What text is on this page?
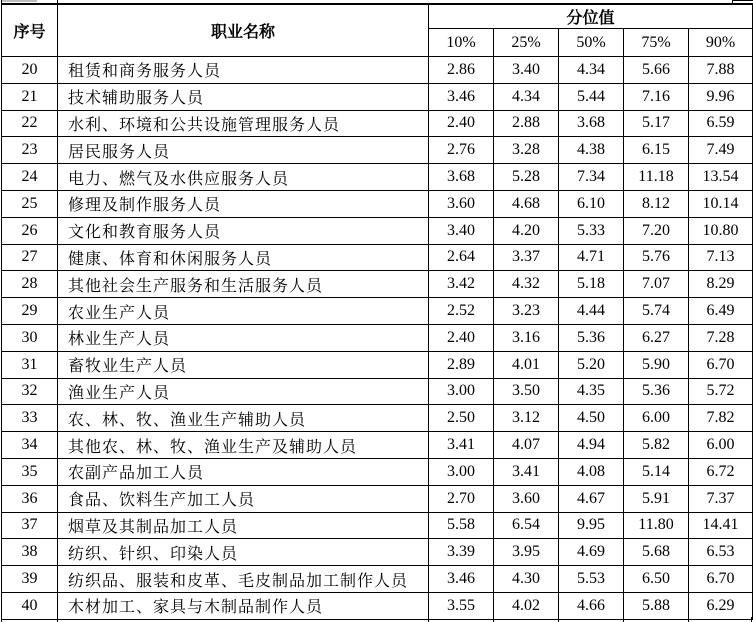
序号	职业名称	分位值				
		10%	25%	50%	75%	90%
20	租赁和商务服务人员	2.86	3.40	4.34	5.66	7.88
21	技术辅助服务人员	3.46	4.34	5.44	7.16	9.96
22	水利、环境和公共设施管理服务人员	2.40	2.88	3.68	5.17	6.59
23	居民服务人员	2.76	3.28	4.38	6.15	7.49
24	电力、燃气及水供应服务人员	3.68	5.28	7.34	11.18	13.54
25	修理及制作服务人员	3.60	4.68	6.10	8.12	10.14
26	文化和教育服务人员	3.40	4.20	5.33	7.20	10.80
27	健康、体育和休闲服务人员	2.64	3.37	4.71	5.76	7.13
28	其他社会生产服务和生活服务人员	3.42	4.32	5.18	7.07	8.29
29	农业生产人员	2.52	3.23	4.44	5.74	6.49
30	林业生产人员	2.40	3.16	5.36	6.27	7.28
31	畜牧业生产人员	2.89	4.01	5.20	5.90	6.70
32	渔业生产人员	3.00	3.50	4.35	5.36	5.72
33	农、林、牧、渔业生产辅助人员	2.50	3.12	4.50	6.00	7.82
34	其他农、林、牧、渔业生产及辅助人员	3.41	4.07	4.94	5.82	6.00
35	农副产品加工人员	3.00	3.41	4.08	5.14	6.72
36	食品、饮料生产加工人员	2.70	3.60	4.67	5.91	7.37
37	烟草及其制品加工人员	5.58	6.54	9.95	11.80	14.41
38	纺织、针织、印染人员	3.39	3.95	4.69	5.68	6.53
39	纺织品、服装和皮革、毛皮制品加工制作人员	3.46	4.30	5.53	6.50	6.70
40	木材加工、家具与木制品制作人员	3.55	4.02	4.66	5.88	6.29
